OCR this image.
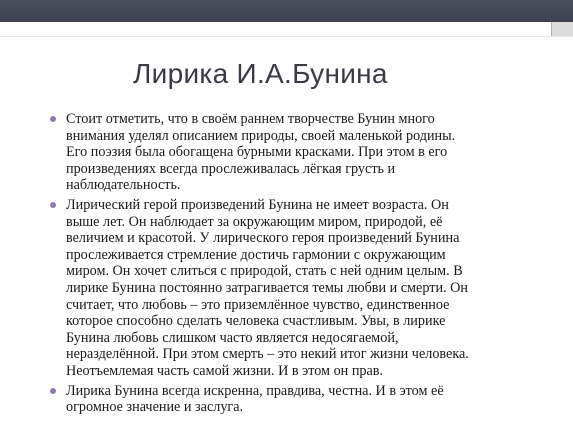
Лирика И.А.Бунина
Стоит отметить, что в своём раннем творчестве Бунин много
внимания уделял описанием природы, своей маленькой родины.
Его поэзия была обогащена бурными красками. При этом в его
произведениях всегда прослеживалась лёгкая грусть и
наблюдательность.
Лирический герой произведений Бунина не имеет возраста. Он
выше лет. Он наблюдает за окружающим миром, природой, её
величием и красотой. У лирического героя произведений Бунина
прослеживается стремление достичь гармонии с окружающим
миром. Он хочет слиться с природой, стать с ней одним целым. В
лирике Бунина постоянно затрагивается темы любви и смерти. Он
считает, что любовь – это приземлённое чувство, единственное
которое способно сделать человека счастливым. Увы, в лирике
Бунина любовь слишком часто является недосягаемой,
неразделённой. При этом смерть – это некий итог жизни человека.
Неотъемлемая часть самой жизни. И в этом он прав.
Лирика Бунина всегда искренна, правдива, честна. И в этом её
огромное значение и заслуга.
